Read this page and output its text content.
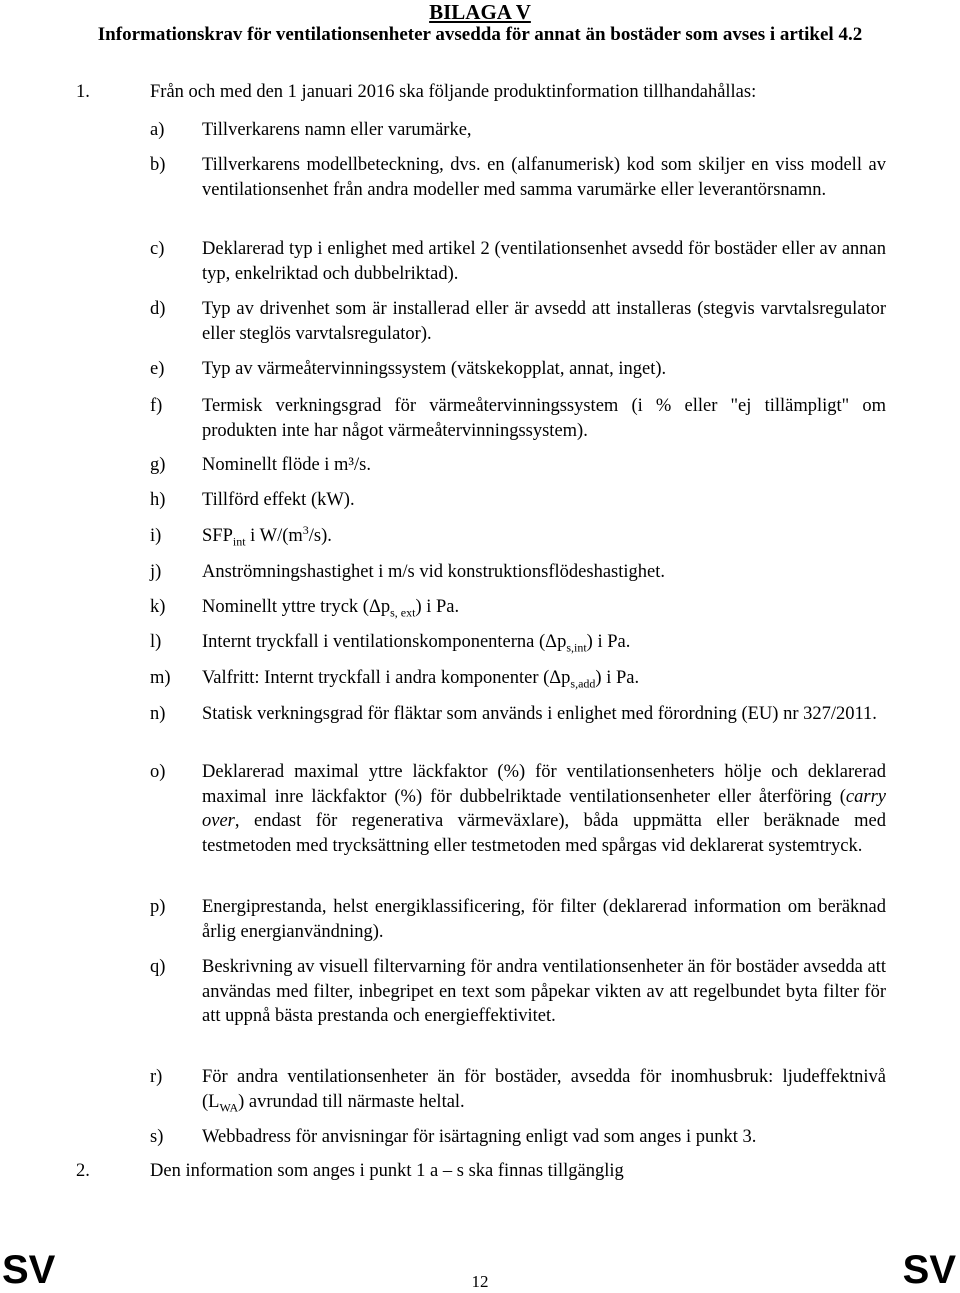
BILAGA V
Informationskrav för ventilationsenheter avsedda för annat än bostäder som avses i artikel 4.2
1.	Från och med den 1 januari 2016 ska följande produktinformation tillhandahållas:
a) Tillverkarens namn eller varumärke,
b) Tillverkarens modellbeteckning, dvs. en (alfanumerisk) kod som skiljer en viss modell av ventilationsenhet från andra modeller med samma varumärke eller leverantörsnamn.
c) Deklarerad typ i enlighet med artikel 2 (ventilationsenhet avsedd för bostäder eller av annan typ, enkelriktad och dubbelriktad).
d) Typ av drivenhet som är installerad eller är avsedd att installeras (stegvis varvtalsregulator eller steglös varvtalsregulator).
e) Typ av värmeåtervinningssystem (vätskekopplat, annat, inget).
f) Termisk verkningsgrad för värmeåtervinningssystem (i % eller "ej tillämpligt" om produkten inte har något värmeåtervinningssystem).
g) Nominellt flöde i m³/s.
h) Tillförd effekt (kW).
i) $SFP_{int}$ i $W/(m^3/s)$.
j) Anströmningshastighet i m/s vid konstruktionsflödeshastighet.
k) Nominellt yttre tryck $(\Delta p_{s, ext})$ i Pa.
l) Internt tryckfall i ventilationskomponenterna $(\Delta p_{s,int})$ i Pa.
m) Valfritt: Internt tryckfall i andra komponenter $(\Delta p_{s,add})$ i Pa.
n) Statisk verkningsgrad för fläktar som används i enlighet med förordning (EU) nr 327/2011.
o) Deklarerad maximal yttre läckfaktor (%) för ventilationsenheters hölje och deklarerad maximal inre läckfaktor (%) för dubbelriktade ventilationsenheter eller återföring (carry over, endast för regenerativa värmeväxlare), båda uppmätta eller beräknade med testmetoden med trycksättning eller testmetoden med spårgas vid deklarerat systemtryck.
p) Energiprestanda, helst energiklassificering, för filter (deklarerad information om beräknad årlig energianvändning).
q) Beskrivning av visuell filtervarning för andra ventilationsenheter än för bostäder avsedda att användas med filter, inbegripet en text som påpekar vikten av att regelbundet byta filter för att uppnå bästa prestanda och energieffektivitet.
r) För andra ventilationsenheter än för bostäder, avsedda för inomhusbruk: ljudeffektnivå $(L_{WA})$ avrundad till närmaste heltal.
s) Webbadress för anvisningar för isärtagning enligt vad som anges i punkt 3.
2.	Den information som anges i punkt 1 a – s ska finnas tillgänglig
SV	12	SV
